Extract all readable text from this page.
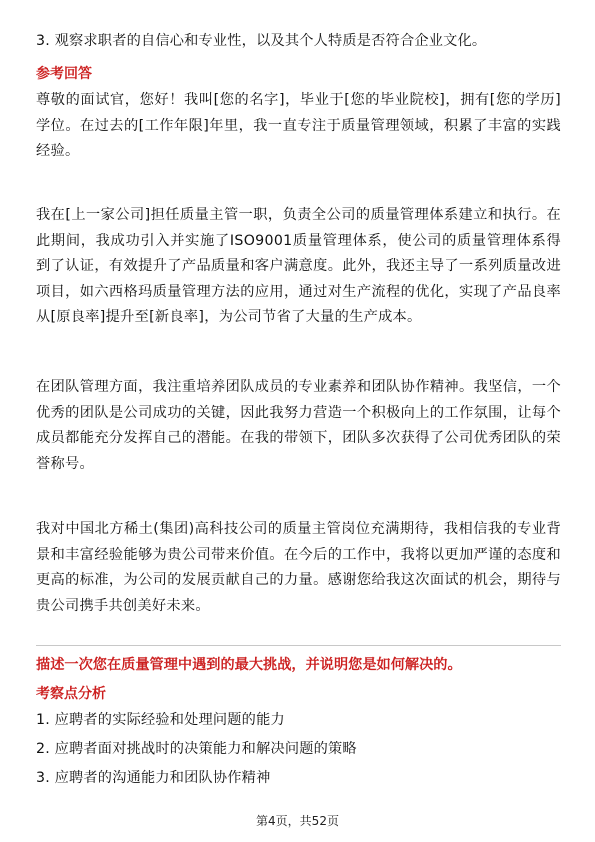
3. 观察求职者的自信心和专业性，以及其个人特质是否符合企业文化。

参考回答

尊敬的面试官，您好！我叫[您的名字]，毕业于[您的毕业院校]，拥有[您的学历]学位。在过去的[工作年限]年里，我一直专注于质量管理领域，积累了丰富的实践经验。

我在[上一家公司]担任质量主管一职，负责全公司的质量管理体系建立和执行。在此期间，我成功引入并实施了ISO9001质量管理体系，使公司的质量管理体系得到了认证，有效提升了产品质量和客户满意度。此外，我还主导了一系列质量改进项目，如六西格玛质量管理方法的应用，通过对生产流程的优化，实现了产品良率从[原良率]提升至[新良率]，为公司节省了大量的生产成本。

在团队管理方面，我注重培养团队成员的专业素养和团队协作精神。我坚信，一个优秀的团队是公司成功的关键，因此我努力营造一个积极向上的工作氛围，让每个成员都能充分发挥自己的潜能。在我的带领下，团队多次获得了公司优秀团队的荣誉称号。

我对中国北方稀土(集团)高科技公司的质量主管岗位充满期待，我相信我的专业背景和丰富经验能够为贵公司带来价值。在今后的工作中，我将以更加严谨的态度和更高的标准，为公司的发展贡献自己的力量。感谢您给我这次面试的机会，期待与贵公司携手共创美好未来。

描述一次您在质量管理中遇到的最大挑战，并说明您是如何解决的。

考察点分析

1. 应聘者的实际经验和处理问题的能力

2. 应聘者面对挑战时的决策能力和解决问题的策略

3. 应聘者的沟通能力和团队协作精神

第4页，共52页
